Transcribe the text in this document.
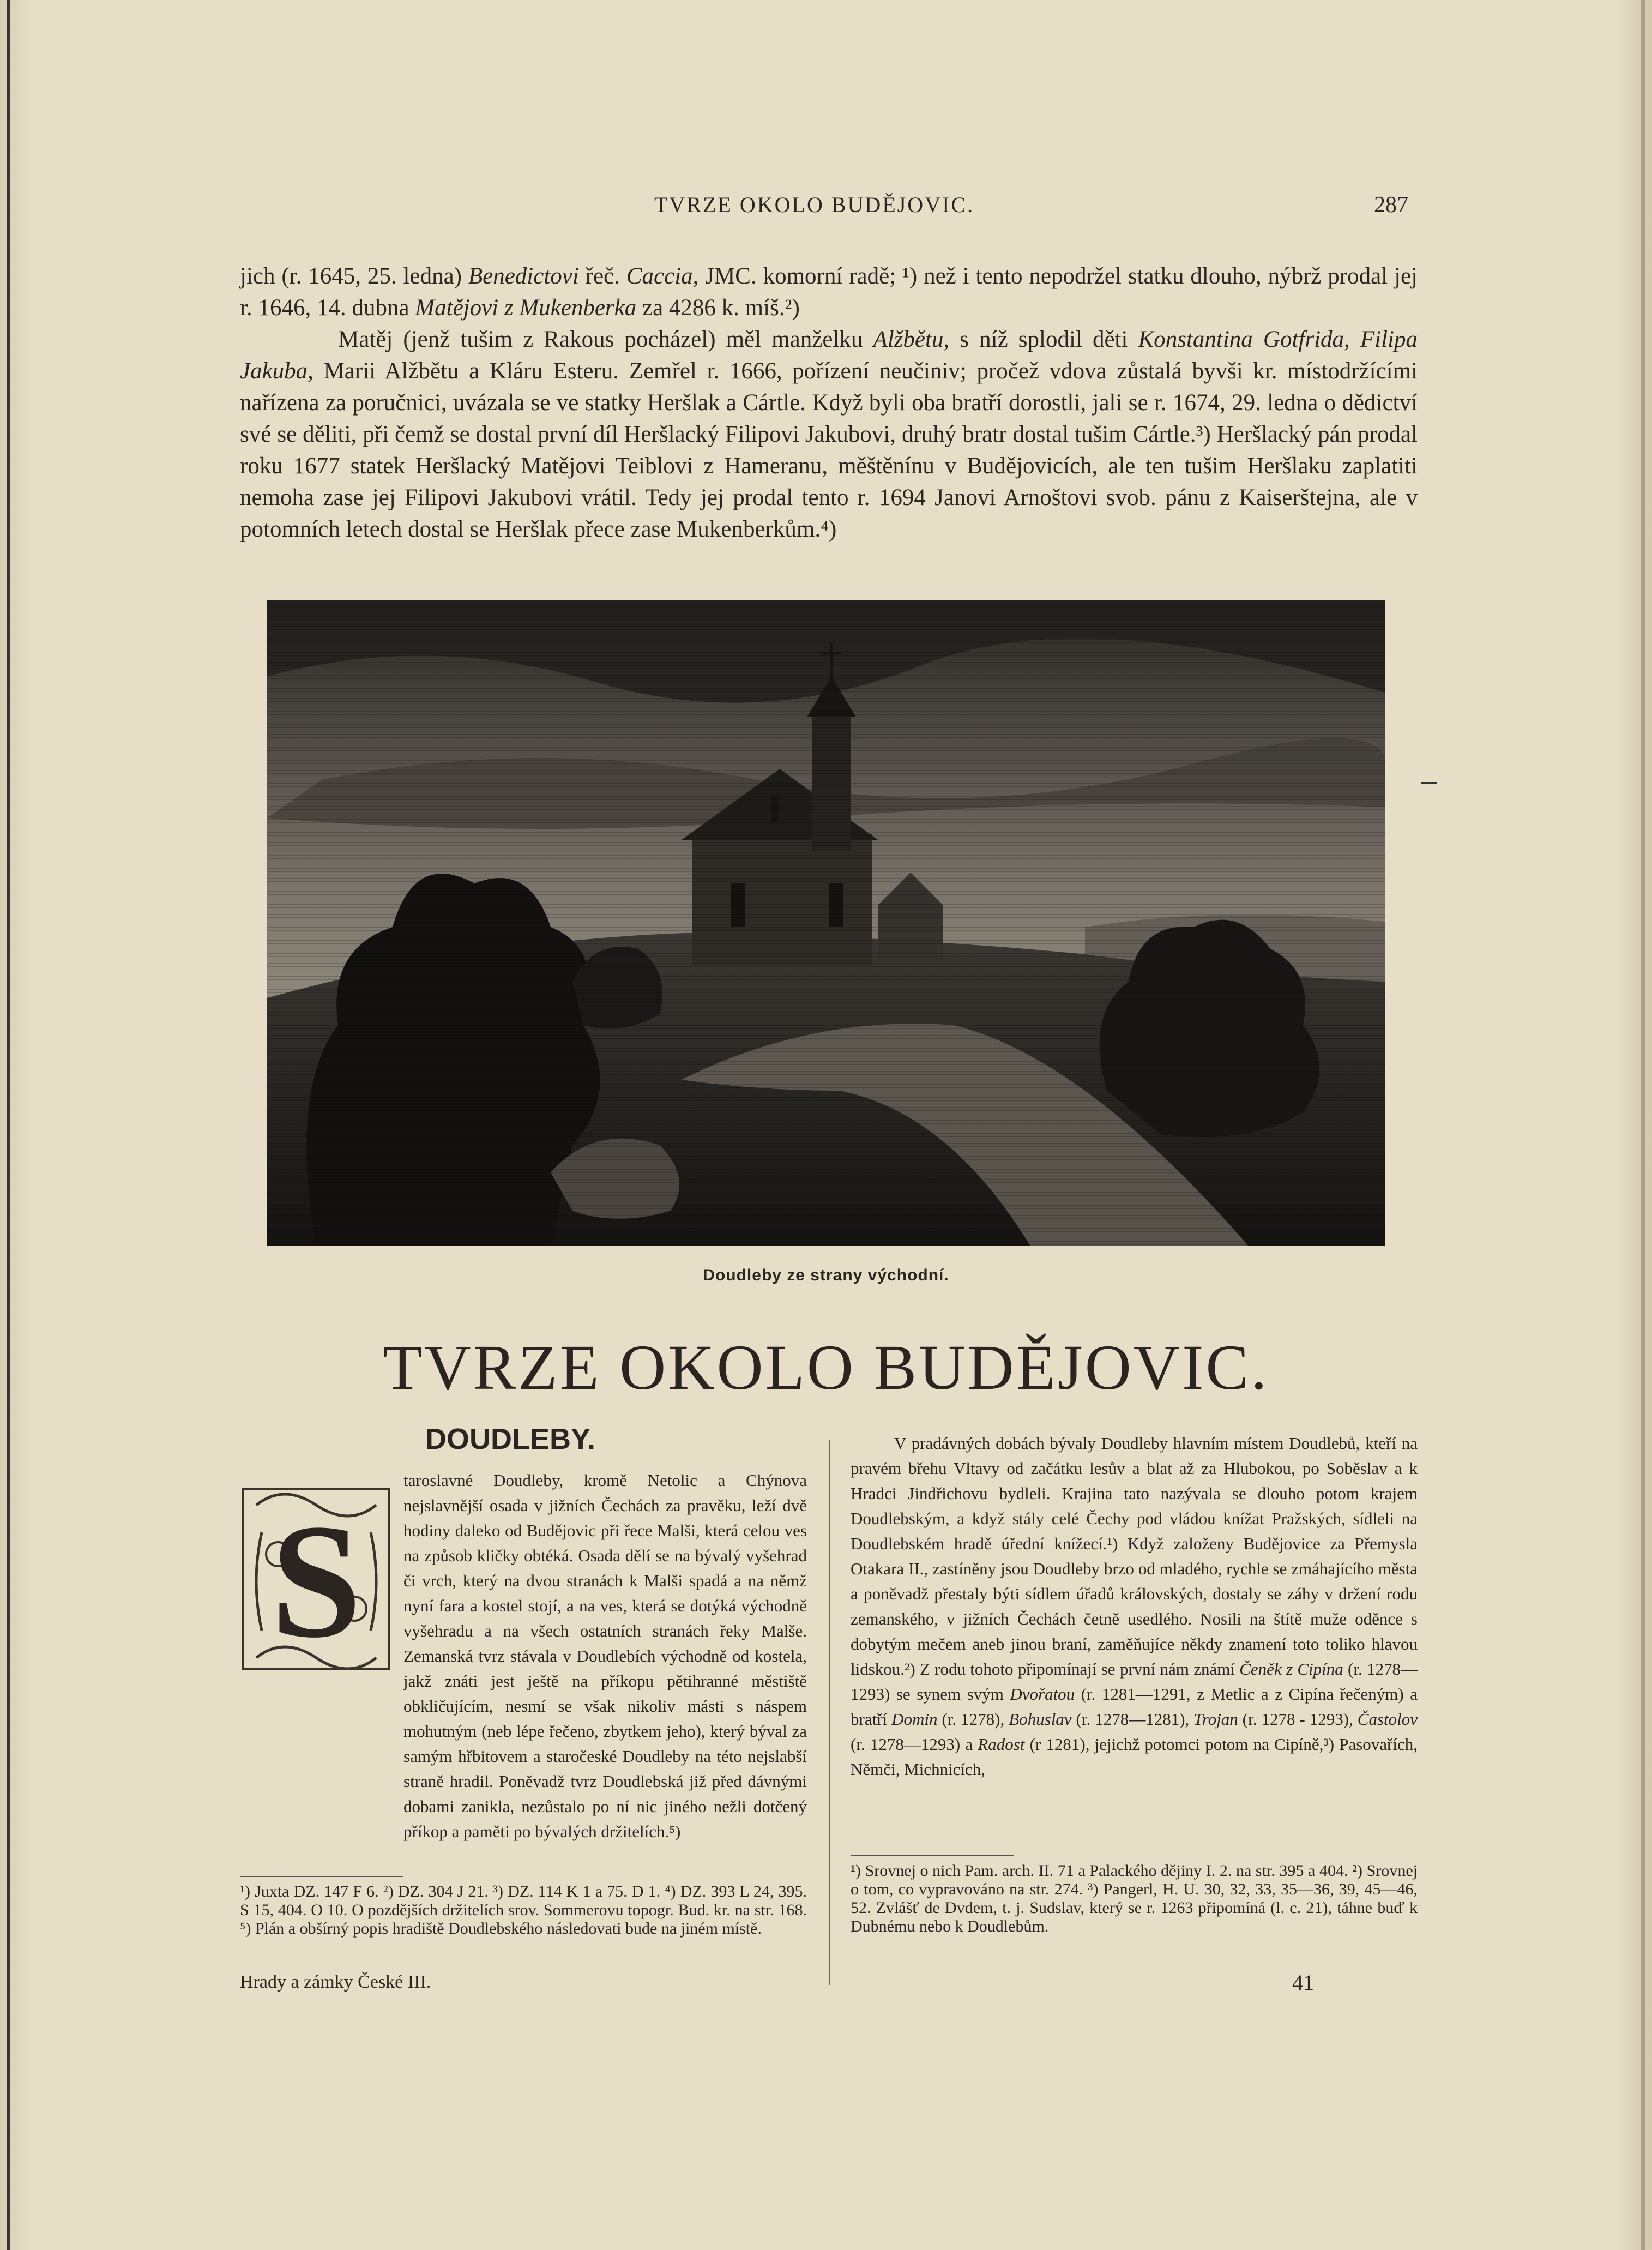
TVRZE OKOLO BUDĚJOVIC.	287

jich (r. 1645, 25. ledna) Benedictovi řeč. Caccia, JMC. komorní radě; ¹) než i tento nepodržel statku dlouho, nýbrž prodal jej r. 1646, 14. dubna Matějovi z Mukenberka za 4286 k. míš.²)

Matěj (jenž tušim z Rakous pocházel) měl manželku Alžbětu, s níž splodil děti Konstantina Gotfrida, Filipa Jakuba, Marii Alžbětu a Kláru Esteru. Zemřel r. 1666, pořízení neučiniv; pročež vdova zůstalá byvši kr. místodržícími nařízena za poručnici, uvázala se ve statky Heršlak a Cártle. Když byli oba bratří dorostli, jali se r. 1674, 29. ledna o dědictví své se děliti, při čemž se dostal první díl Heršlacký Filipovi Jakubovi, druhý bratr dostal tušim Cártle.³) Heršlacký pán prodal roku 1677 statek Heršlacký Matějovi Teiblovi z Hameranu, měštěnínu v Budějovicích, ale ten tušim Heršlaku zaplatiti nemoha zase jej Filipovi Jakubovi vrátil. Tedy jej prodal tento r. 1694 Janovi Arnoštovi svob. pánu z Kaiserštejna, ale v potomních letech dostal se Heršlak přece zase Mukenberkům.⁴)

Doudleby ze strany východní.
TVRZE OKOLO BUDĚJOVIC.
DOUDLEBY.
S

taroslavné Doudleby, kromě Netolic a Chýnova nejslavnější osada v jižních Čechách za pravěku, leží dvě hodiny daleko od Budějovic při řece Malši, která celou ves na způsob kličky obtéká. Osada dělí se na bývalý vyšehrad či vrch, který na dvou stranách k Malši spadá a na němž nyní fara a kostel stojí, a na ves, která se dotýká východně vyšehradu a na všech ostatních stranách řeky Malše. Zemanská tvrz stávala v Doudlebích východně od kostela, jakž znáti jest ještě na příkopu pětihranné městiště obkličujícím, nesmí se však nikoliv másti s náspem mohutným (neb lépe řečeno, zbytkem jeho), který býval za samým hřbitovem a staročeské Doudleby na této nejslabší straně hradil. Poněvadž tvrz Doudlebská již před dávnými dobami zanikla, nezůstalo po ní nic jiného nežli dotčený příkop a paměti po bývalých držitelích.⁵)

¹) Juxta DZ. 147 F 6. ²) DZ. 304 J 21. ³) DZ. 114 K 1 a 75. D 1. ⁴) DZ. 393 L 24, 395. S 15, 404. O 10. O pozdějších držitelích srov. Sommerovu topogr. Bud. kr. na str. 168. ⁵) Plán a obšírný popis hradiště Doudlebského následovati bude na jiném místě.

V pradávných dobách bývaly Doudleby hlavním místem Doudlebů, kteří na pravém břehu Vltavy od začátku lesův a blat až za Hlubokou, po Soběslav a k Hradci Jindřichovu bydleli. Krajina tato nazývala se dlouho potom krajem Doudlebským, a když stály celé Čechy pod vládou knížat Pražských, sídleli na Doudlebském hradě úřední knížecí.¹) Když založeny Budějovice za Přemysla Otakara II., zastíněny jsou Doudleby brzo od mladého, rychle se zmáhajícího města a poněvadž přestaly býti sídlem úřadů královských, dostaly se záhy v držení rodu zemanského, v jižních Čechách četně usedlého. Nosili na štítě muže oděnce s dobytým mečem aneb jinou braní, zaměňujíce někdy znamení toto toliko hlavou lidskou.²) Z rodu tohoto připomínají se první nám známí Čeněk z Cipína (r. 1278—1293) se synem svým Dvořatou (r. 1281—1291, z Metlic a z Cipína řečeným) a bratří Domin (r. 1278), Bohuslav (r. 1278—1281), Trojan (r. 1278 - 1293), Častolov (r. 1278—1293) a Radost (r 1281), jejichž potomci potom na Cipíně,³) Pasovařích, Němči, Michnicích,

¹) Srovnej o nich Pam. arch. II. 71 a Palackého dějiny I. 2. na str. 395 a 404. ²) Srovnej o tom, co vypravováno na str. 274. ³) Pangerl, H. U. 30, 32, 33, 35—36, 39, 45—46, 52. Zvlášť de Dvdem, t. j. Sudslav, který se r. 1263 připomíná (l. c. 21), táhne buď k Dubnému nebo k Doudlebům.

Hrady a zámky České III.	41
